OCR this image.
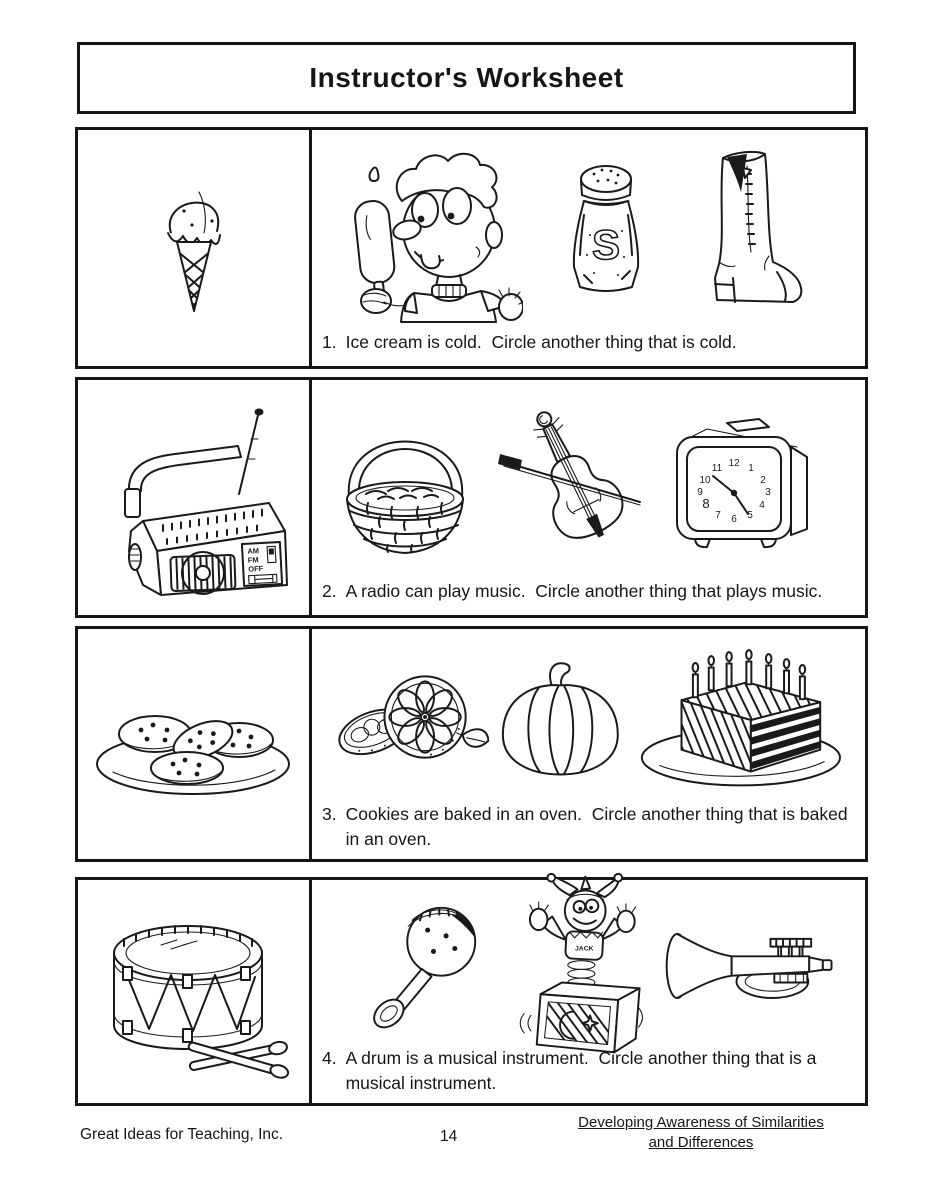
Instructor's Worksheet
S
1. Ice cream is cold.  Circle another thing that is cold.
AM
FM
OFF
12 1
2
3
4
5
6
7
8
9
10
11
2. A radio can play music.  Circle another thing that plays music.
3. Cookies are baked in an oven.  Circle another thing that is baked in an oven.
JACK
4. A drum is a musical instrument.  Circle another thing that is a musical instrument.
Great Ideas for Teaching, Inc.	14
Developing Awareness of Similarities
and Differences
